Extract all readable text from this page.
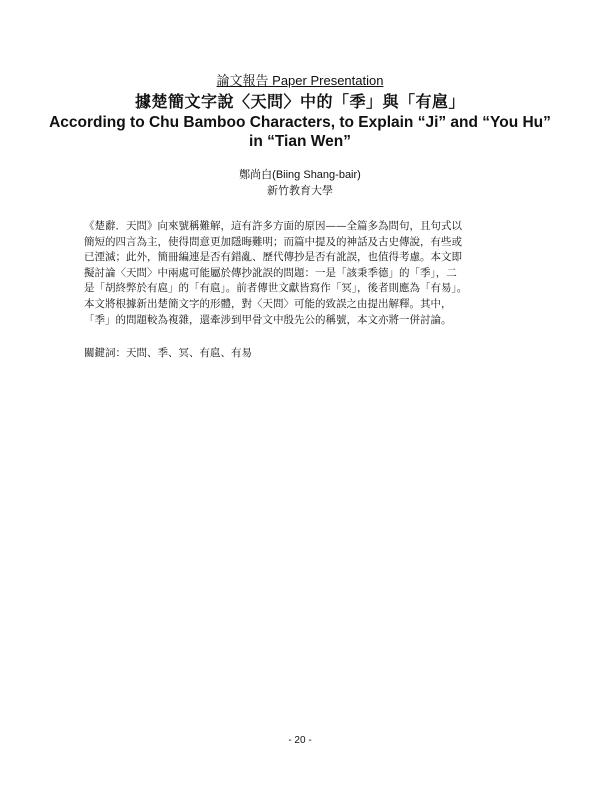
論文報告 Paper Presentation
據楚簡文字說〈天問〉中的「季」與「有扈」
According to Chu Bamboo Characters, to Explain “Ji” and “You Hu”
in “Tian Wen”
鄭尚白(Biing Shang-bair)
新竹教育大學
《楚辭．天問》向來號稱難解，這有許多方面的原因——全篇多為問句，且句式以
簡短的四言為主，使得問意更加隱晦難明；而篇中提及的神話及古史傳說，有些或
已湮滅；此外，簡冊編連是否有錯亂、歷代傳抄是否有訛誤，也值得考慮。本文即
擬討論〈天問〉中兩處可能屬於傳抄訛誤的問題：一是「該秉季德」的「季」，二
是「胡終弊於有扈」的「有扈」。前者傳世文獻皆寫作「冥」，後者則應為「有易」。
本文將根據新出楚簡文字的形體，對〈天問〉可能的致誤之由提出解釋。其中，
「季」的問題較為複雜，還牽涉到甲骨文中殷先公的稱號，本文亦將一併討論。
關鍵詞：天問、季、冥、有扈、有易
- 20 -
